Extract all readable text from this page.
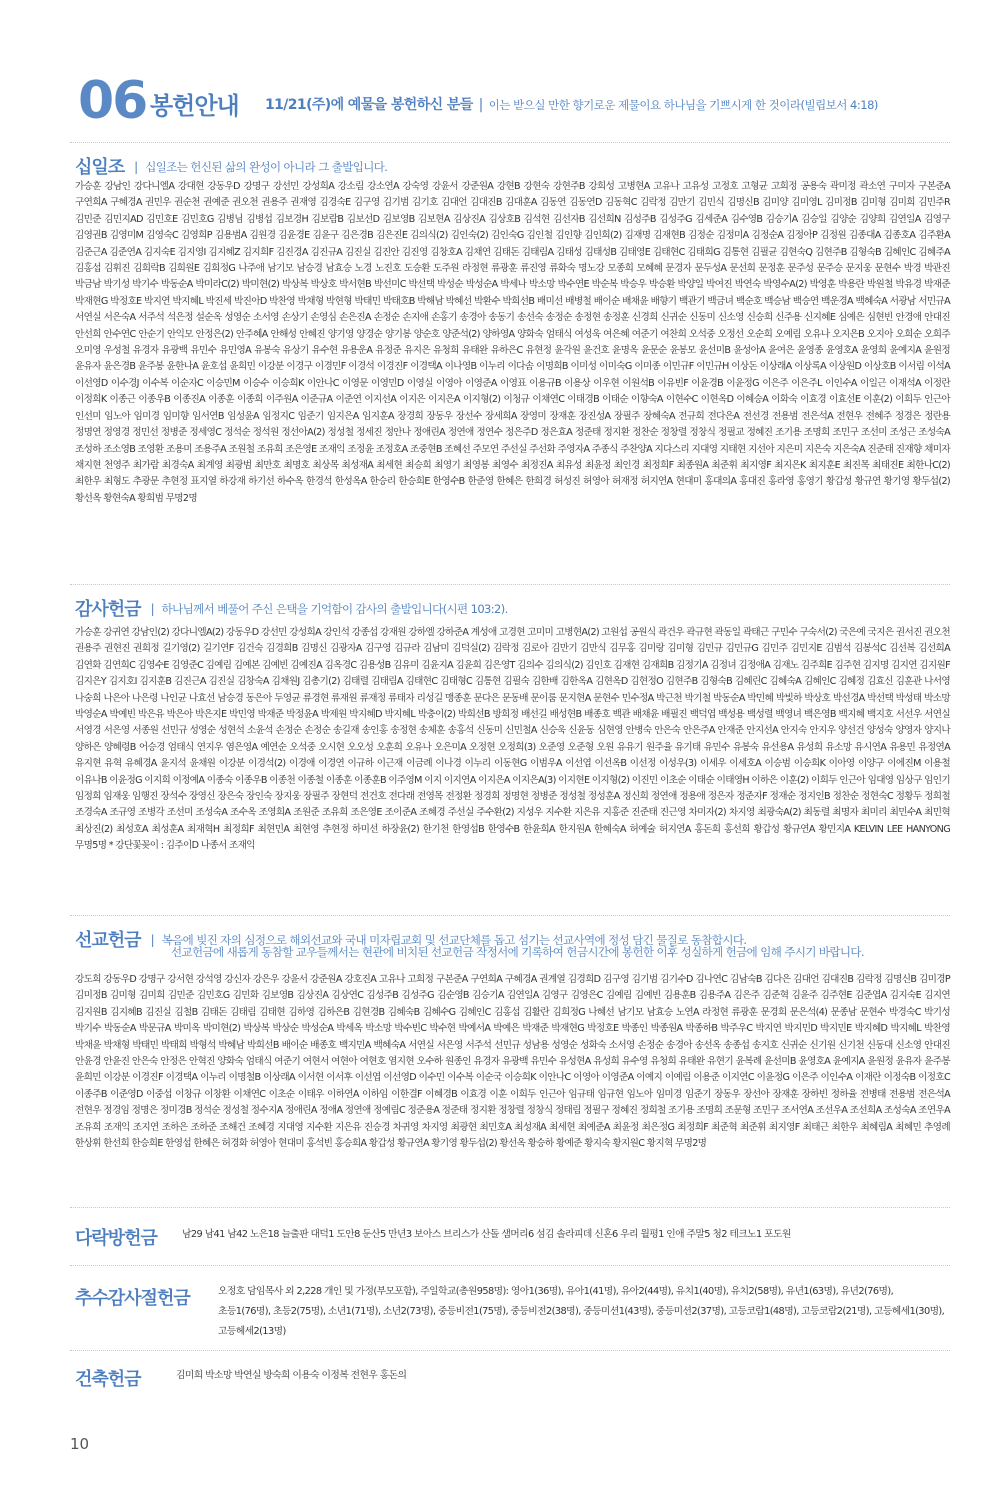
06 봉헌안내 11/21(주)에 예물을 봉헌하신 분들 | 이는 받으실 만한 향기로운 제물이요 하나님을 기쁘시게 한 것이라(빌립보서 4:18)
십일조 | 십일조는 헌신된 삶의 완성이 아니라 그 출발입니다.
가승훈 강남인 강다니엘A 강대현 강동우D 강명구 강선민 강성희A 강소림 강소연A 강숙영 강윤서 강준원A 강현B 강현숙 강현주B 강희성 고병현A 고유나 고유성 고정호 고형균 고희정 공용숙 곽미정 곽소연 구미자 구본준A 구연희A 구혜경A 권민우 권순천 권예준 권오천 권용주 권재영 김경숙E 김구영 김기범 김기호 김대언 김대진B 김대훈A 김동연 김동연D 김동혁C 김락정 김만기 김민식 김명신B 김미양 김미영L 김미정B 김미형 김미희 김민주R 김민준 김민지AD 김민호E 김민호G 김병님 김병섭 김보경H 김보람B 김보선D 김보영B 김보현A 김상진A 김상호B 김석현 김선자B 김선희N 김성주B 김성주G 김세준A 김수영B 김승기A 김승일 김양순 김양희 김연일A 김영구 김영권B 김영미M 김영숙C 김영희P 김용범A 김원경 김윤경E 김윤구 김은경B 김은진E 김의식(2) 김인숙(2) 김인숙G 김인철 김인향 김인희(2) 김재명 김재현B 김정순 김정미A 김정순A 김정아P 김정원 김종대A 김종호A 김주환A 김준근A 김준연A 김지숙E 김지영I 김지혜Z 김지희F 김진경A 김진규A 김진실 김진안 김진영 김창호A 김채연 김태돈 김태림A 김태성 김태성B 김태영E 김태현C 김태희G 김통현 김필균 김현숙Q 김현주B 김형숙B 김혜인C 김혜주A 김홍섭 김휘진 김희락B 김희원E 김희정G 나주애 남기모 남승경 남효승 노경 노진호 도승환 도주원 라정현 류광훈 류진영 류화숙 명노강 모종희 모혜혜 문경자 문두성A 문선희 문정훈 문주성 문주승 문지웅 문현수 박경 박관진 박금남 박기성 박기수 박동순A 박미라C(2) 박미현(2) 박상복 박상호 박서현B 박선미C 박선택 박성순 박성순A 박세나 박소망 박수연E 박순복 박승우 박승환 박양일 박여진 박연숙 박영수A(2) 박영훈 박용란 박원철 박유경 박재준 박재현G 박정호E 박지연 박지혜L 박진세 박진아D 박찬영 박채형 박현형 박태민 박태호B 박해남 박혜선 박환수 박희선B 배미선 배병철 배이순 배채윤 배향기 백관기 백금녀 백순호 백승남 백승연 백운경A 백혜숙A 서광남 서민규A 서연실 서은숙A 서주석 석은정 설순옥 성영순 소서영 손상기 손영심 손은진A 손정순 손지애 손홍기 송경아 송동기 송선숙 송정순 송정현 송정훈 신경희 신귀순 신동미 신소영 신승희 신주용 신지혜E 심예은 심현빈 안경애 안대진 안선희 안수연C 안순기 안익모 안정은(2) 안주혜A 안해성 안혜진 양기영 양경순 양기봉 양순호 양준석(2) 양하영A 양화숙 엄태식 여성욱 여은혜 여준기 여찬희 오석중 오정선 오순희 오예림 오유나 오지은B 오지아 오희순 오희주 오미영 우성철 유경자 유광백 유민수 유민영A 유봉숙 유상기 유수현 유용운A 유정준 유지은 유청희 유태완 유하은C 유현정 윤각원 윤건호 윤명옥 윤문순 윤봉모 윤선미B 윤성아A 윤여은 윤영종 윤영호A 윤영희 윤예지A 윤원정 윤유자 윤은경B 윤주봉 윤한나A 윤호섭 윤희민 이강분 이경구 이경민F 이경석 이경진F 이경택A 이나영B 이누리 이다솜 이명희B 이미성 이미숙G 이미종 이민규F 이민규H 이상돈 이상래A 이상록A 이상원D 이상호B 이서림 이석A 이선영D 이수경J 이수복 이순자C 이승민M 이승수 이승희K 이안나C 이영문 이영민D 이영실 이영아 이영준A 이영표 이용규B 이용상 이우현 이원석B 이유빈F 이윤경B 이윤정G 이은주 이은주L 이인수A 이일근 이재석A 이정란 이정희K 이종근 이종우B 이종진A 이종훈 이종희 이주원A 이준규A 이준연 이지선A 이지은 이지은A 이지형(2) 이청규 이채연C 이태경B 이태순 이향숙A 이현수C 이현옥D 이혜승A 이화숙 이효경 이효선E 이훈(2) 이희두 인근아 인선미 임노아 임미경 임미향 임서연B 임성윤A 임정지C 임준기 임지은A 임지훈A 장경희 장동우 장선수 장세희A 장영미 장재훈 장진성A 장필주 장혜숙A 전규희 전다은A 전선경 전용범 전은석A 전현우 전혜주 정경은 정란용 정명연 정영경 정민선 정병준 정세영C 정석순 정석원 정선아A(2) 정성철 정세진 정안나 정애린A 정연애 정연수 정은주D 정은효A 정준태 정지환 정찬순 정창렬 정창식 정필교 정혜진 조기용 조명희 조민구 조선미 조성근 조성숙A 조성하 조소영B 조영환 조용미 조용주A 조원철 조유희 조은영E 조재익 조정윤 조정호A 조중현B 조혜선 주모연 주선실 주선화 주영자A 주종식 주찬양A 지다스리 지대영 지태현 지선아 지은미 지은숙 지은숙A 진준태 진재향 채미자 채지현 천영주 최가람 최경숙A 최계영 최광범 최만호 최명호 최상목 최성재A 최세현 최승희 최영기 최영봉 최영수 최정진A 최유성 최윤정 최인경 최정희F 최종원A 최준휘 최지영F 최지은K 최지훈E 최진목 최태진E 최한나C(2) 최한우 최형도 추광문 추현정 표지열 하강재 하기선 하수옥 한경석 한성옥A 한승리 한승희E 한영수B 한준영 한혜은 한희경 허성진 허영아 허재정 허지연A 현대미 홍대의A 홍대진 홍라영 홍영기 황갑성 황규연 황기영 황두섭(2) 황선옥 황현숙A 황희범 무명2명
감사헌금 | 하나님께서 베풀어 주신 은택을 기억함이 감사의 출발입니다(시편 103:2).
가승훈 강귀연 강남인(2) 강다니엘A(2) 강동우D 강선민 강성희A 강인석 강종섭 강재원 강하엘 강하준A 계성애 고경현 고미미 고병현A(2) 고원섭 공원식 곽건우 곽규현 곽동일 곽태근 구민수 구숙서(2) 국은예 국지은 권서진 권오천 권용주 권현진 권희정 길기영(2) 길기연F 김건숙 김경희B 김명신 김광자A 김구영 김규라 김남미 김덕실(2) 김락정 김로아 김만기 김만식 김무홍 김미랑 김미형 김민규 김민규G 김민주 김민지E 김범석 김봉석C 김선복 김선희A 김연화 김연희C 김영수E 김영준C 김예림 김예본 김예빈 김예진A 김옥경C 김용성B 김유미 김윤지A 김윤희 김은영T 김의수 김의식(2) 김인호 김재현 김재희B 김정기A 김정녀 김정애A 김재노 김주희E 김주현 김지명 김지연 김지원F 김지은Y 김지호I 김지훈B 김진근A 김진실 김창숙A 김채원J 김총기(2) 김태렬 김태림A 김태현C 김태형C 김통현 김필숙 김한배 김한옥A 김현옥D 김현정O 김현주B 김형숙B 김혜린C 김혜숙A 김혜인C 김혜정 김효신 김훈관 나서영 나숭희 나은아 나은령 나인균 나효선 남승경 동은아 두영균 류경현 류재원 류재정 류태자 리성길 맹종훈 문다은 문동배 문이룸 문지현A 문현수 민수정A 박근천 박기철 박동순A 박민혜 박빛하 박상호 박선경A 박선택 박성태 박소망 박영순A 박예빈 박은유 박은아 박은지E 박민영 박재준 박정윤A 박제원 박지혜D 박지혜L 박충이(2) 박희선B 방희정 배선길 배성현B 배종호 백관 배채윤 배필진 백덕엽 백성용 백성렬 백영녀 백은영B 백지혜 백지호 서선우 서연실 서영경 서은영 서종원 선민규 성영순 성현석 소윤석 손정순 손정순 송길재 송인홍 송정현 송체훈 송홍석 신동미 신민철A 신승욱 신윤동 심현영 안병숙 안은숙 안은주A 안재준 안지선A 안지숙 안지우 양선건 양성숙 양영자 양지나 양하은 양혜령B 어승경 엄태식 연지우 염은영A 예연순 오석중 오시현 오오성 오훈희 오유나 오은미A 오정현 오정희(3) 오준영 오준형 오원 유유기 원주율 유기태 유민수 유봉숙 유선용A 유성희 유소망 유시연A 유용민 유정연A 유지현 유혁 유혜경A 윤지석 윤채원 이강분 이경석(2) 이경애 이경연 이규하 이근재 이금례 이나경 이누리 이동현G 이범우A 이선엽 이선옥B 이선정 이성우(3) 이세우 이세호A 이승범 이승희K 이아영 이양구 이에진M 이용철 이유나B 이윤정G 이지희 이정예A 이종숙 이종우B 이종천 이종철 이종훈 이종훈B 이주영M 이지 이지연A 이지은A 이지은A(3) 이지현E 이지형(2) 이진민 이초순 이태순 이태영H 이하은 이훈(2) 이희두 인근아 임대영 임상구 임인기 임정희 임재웅 임행진 장석수 장영신 장은숙 장인숙 장지웅 장필주 장현덕 전건호 전다래 전영목 전정환 정경희 정명현 정병준 정성철 정성훈A 정신희 정연애 정용애 정은자 정준자F 정재순 정지인B 정찬순 정현숙C 정황두 정희철 조경숙A 조규영 조병각 조선미 조성숙A 조수옥 조영희A 조원준 조유희 조은영E 조이준A 조혜경 주선실 주수환(2) 지성우 지수환 지은유 지홍준 진준태 진근영 차미자(2) 차지영 최광숙A(2) 최동렬 최명자 최미리 최민수A 최민혁 최상진(2) 최성호A 최성훈A 최재혁H 최정희F 최현민A 최현영 추현정 하미선 하장윤(2) 한기천 한영섭B 한영수B 한윤희A 한지원A 한혜숙A 허예술 허지연A 홍돈희 홍선희 황갑성 황규연A 황민지A KELVIN LEE HANYONG 무명5명 * 강단꽃꽂이 : 김주이D 나종서 조재익
선교헌금 | 복음에 빚진 자의 심정으로 해외선교와 국내 미자립교회 및 선교단체를 돕고 섬기는 선교사역에 정성 담긴 물질로 동참합시다.
선교헌금에 새롭게 동참할 교우들께서는 현관에 비치된 선교헌금 작정서에 기록하여 헌금시간에 봉헌한 이후 성실하게 헌금에 임해 주시기 바랍니다.
강도희 강동우D 강명구 강서현 강석영 강신자 강은우 강윤서 강준원A 강호진A 고유나 고희정 구본준A 구연희A 구혜경A 권계열 김경희D 김구영 김기범 김기수D 김나연C 김남숙B 김다은 김대언 김대진B 김락정 김명신B 김미경P 김미정B 김미형 김미희 김민준 김민호G 김민화 김보영B 김상진A 김상연C 김성주B 김성주G 김순영B 김승기A 김연일A 김영구 김영은C 김예림 김예빈 김용훈B 김용주A 김은주 김준혁 김윤주 김주현E 김준엽A 김지숙E 김지연 김지원B 김지혜B 김진실 김철B 김태돈 김태림 김태현 김하영 김하은B 김현경B 김혜숙B 김혜수G 김혜인C 김홍섭 김활란 김희정G 나혜선 남기모 남효승 노연A 라정현 류광훈 문경희 문은석(4) 문종남 문현수 박경숙C 박기성 박기수 박동순A 박문규A 박미옥 박미현(2) 박상복 박상순 박성순A 박세옥 박소망 박수빈C 박수현 박예서A 박예은 박재준 박재현G 박정호E 박종인 박종원A 박종하B 박주우C 박지연 박지민D 박지민E 박지혜D 박지혜L 박찬영 박채윤 박채형 박태민 박태희 박형석 박혜남 박희선B 배이순 배종호 백지민A 백혜숙A 서연실 서은영 서주석 선민규 성남용 성영순 성화숙 소서영 손정순 송경아 송선옥 송종섭 송지호 신귀순 신기원 신기천 신동대 신소영 안대진 안윤경 안윤진 안은숙 안정은 안혁진 양화숙 엄태식 여준기 여현서 여현아 여현호 염지현 오수하 원종인 유경자 유광백 유민수 유성현A 유성희 유수영 유청희 유태완 유현기 윤복례 윤선미B 윤영호A 윤예지A 윤원정 윤유자 윤주봉 윤희민 이강분 이경진F 이경택A 이누리 이명철B 이상래A 이서현 이서후 이선엽 이선영D 이수민 이수복 이순국 이승희K 이안나C 이영아 이영준A 이예지 이예림 이용준 이지연C 이윤정G 이은주 이인수A 이재란 이정숙B 이정호C 이종주B 이준영D 이중섭 이창규 이창환 이채연C 이초순 이태우 이하연A 이하임 이한결F 이혜경B 이효경 이훈 이희두 인근아 임규태 임규현 임노아 임미경 임준기 장동우 장선아 장재훈 장하빈 정하율 전병태 전용범 전은석A 전현우 정경임 정명은 정미경B 정석순 정성철 정수지A 정애린A 정애A 정연애 정예림C 정준용A 정준태 정지환 정창렬 정창식 정태림 정필구 정혜진 정희철 조기용 조명희 조문형 조민구 조서연A 조선우A 조선희A 조성숙A 조연우A 조유희 조재익 조지연 조하은 조하준 조해건 조혜경 지대영 지수환 지은유 진승경 차귀영 차지영 최광현 최민호A 최성재A 최세현 최예준A 최윤정 최은정G 최정희F 최준혁 최준휘 최지영F 최태근 최한우 최혜림A 최혜민 추영례 한상휘 한선희 한승희E 한영섭 한혜은 허경화 허영아 현대미 홍석빈 홍승희A 황갑성 황규연A 황기영 황두섭(2) 황선옥 황승하 황예준 황지숙 황지원C 황지혁 무명2명
다락방헌금	남29 남41 남42 노은18 늘출판 대덕1 도안8 둔산5 만년3 보아스 브리스가 산돌 샘머리6 섬김 솔라피데 신혼6 우리 월평1 인애 주말5 청2 테크노1 포도원
추수감사절헌금	오정호 담임목사 외 2,228 개인 및 가정(부모포함), 주일학교(총원958명): 영아1(36명), 유아1(41명), 유아2(44명), 유치1(40명), 유치2(58명), 유년1(63명), 유년2(76명),
초등1(76명), 초등2(75명), 소년1(71명), 소년2(73명), 중등비전1(75명), 중등비전2(38명), 중등미션1(43명), 중등미션2(37명), 고등코람1(48명), 고등코람2(21명), 고등헤세1(30명),
고등헤세2(13명)
건축헌금	김미희 박소망 박연실 방숙희 이용숙 이정복 전현우 홍돈의
10
